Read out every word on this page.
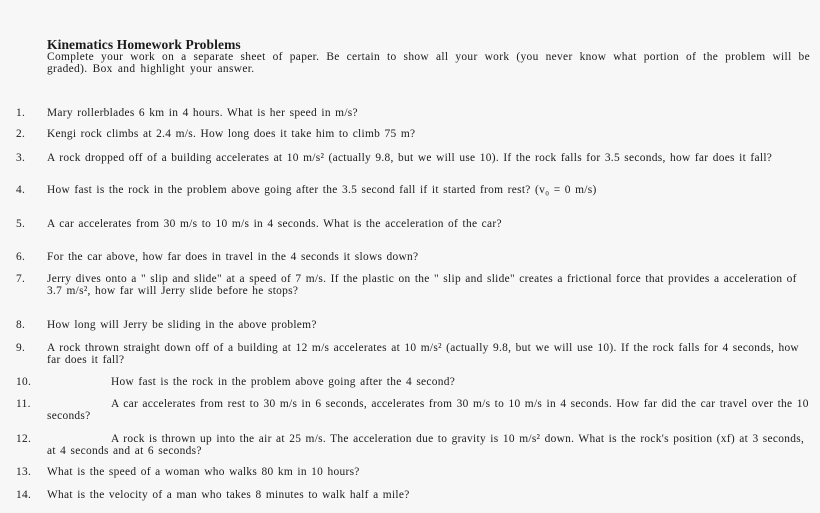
Kinematics Homework Problems
Complete your work on a separate sheet of paper. Be certain to show all your work (you never know what portion of the problem will be graded). Box and highlight your answer.
1.	Mary rollerblades 6 km in 4 hours. What is her speed in m/s?
2.	Kengi rock climbs at 2.4 m/s. How long does it take him to climb 75 m?
3.	A rock dropped off of a building accelerates at 10 m/s² (actually 9.8, but we will use 10). If the rock falls for 3.5 seconds, how far does it fall?
4.	How fast is the rock in the problem above going after the 3.5 second fall if it started from rest? (v₀ = 0 m/s)
5.	A car accelerates from 30 m/s to 10 m/s in 4 seconds. What is the acceleration of the car?
6.	For the car above, how far does in travel in the 4 seconds it slows down?
7.	Jerry dives onto a " slip and slide" at a speed of 7 m/s. If the plastic on the " slip and slide" creates a frictional force that provides a acceleration of 3.7 m/s², how far will Jerry slide before he stops?
8.	How long will Jerry be sliding in the above problem?
9.	A rock thrown straight down off of a building at 12 m/s accelerates at 10 m/s² (actually 9.8, but we will use 10). If the rock falls for 4 seconds, how far does it fall?
10.	How fast is the rock in the problem above going after the 4 second?
11.	A car accelerates from rest to 30 m/s in 6 seconds, accelerates from 30 m/s to 10 m/s in 4 seconds. How far did the car travel over the 10 seconds?
12.	A rock is thrown up into the air at 25 m/s. The acceleration due to gravity is 10 m/s² down. What is the rock's position (xf) at 3 seconds, at 4 seconds and at 6 seconds?
13.	What is the speed of a woman who walks 80 km in 10 hours?
14.	What is the velocity of a man who takes 8 minutes to walk half a mile?
